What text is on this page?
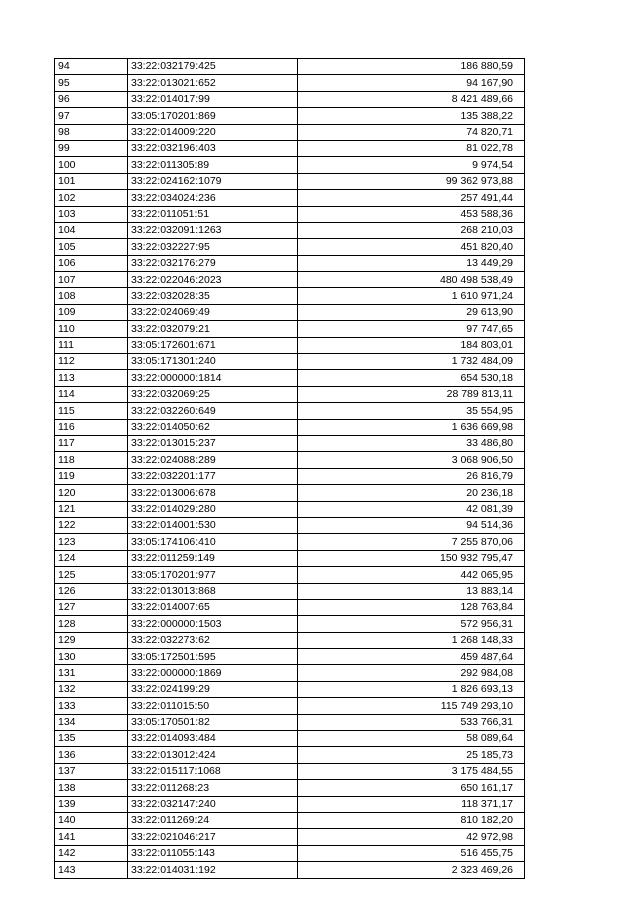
94	33:22:032179:425	186 880,59
95	33:22:013021:652	94 167,90
96	33:22:014017:99	8 421 489,66
97	33:05:170201:869	135 388,22
98	33:22:014009:220	74 820,71
99	33:22:032196:403	81 022,78
100	33:22:011305:89	9 974,54
101	33:22:024162:1079	99 362 973,88
102	33:22:034024:236	257 491,44
103	33:22:011051:51	453 588,36
104	33:22:032091:1263	268 210,03
105	33:22:032227:95	451 820,40
106	33:22:032176:279	13 449,29
107	33:22:022046:2023	480 498 538,49
108	33:22:032028:35	1 610 971,24
109	33:22:024069:49	29 613,90
110	33:22:032079:21	97 747,65
111	33:05:172601:671	184 803,01
112	33:05:171301:240	1 732 484,09
113	33:22:000000:1814	654 530,18
114	33:22:032069:25	28 789 813,11
115	33:22:032260:649	35 554,95
116	33:22:014050:62	1 636 669,98
117	33:22:013015:237	33 486,80
118	33:22:024088:289	3 068 906,50
119	33:22:032201:177	26 816,79
120	33:22:013006:678	20 236,18
121	33:22:014029:280	42 081,39
122	33:22:014001:530	94 514,36
123	33:05:174106:410	7 255 870,06
124	33:22:011259:149	150 932 795,47
125	33:05:170201:977	442 065,95
126	33:22:013013:868	13 883,14
127	33:22:014007:65	128 763,84
128	33:22:000000:1503	572 956,31
129	33:22:032273:62	1 268 148,33
130	33:05:172501:595	459 487,64
131	33:22:000000:1869	292 984,08
132	33:22:024199:29	1 826 693,13
133	33:22:011015:50	115 749 293,10
134	33:05:170501:82	533 766,31
135	33:22:014093:484	58 089,64
136	33:22:013012:424	25 185,73
137	33:22:015117:1068	3 175 484,55
138	33:22:011268:23	650 161,17
139	33:22:032147:240	118 371,17
140	33:22:011269:24	810 182,20
141	33:22:021046:217	42 972,98
142	33:22:011055:143	516 455,75
143	33:22:014031:192	2 323 469,26
